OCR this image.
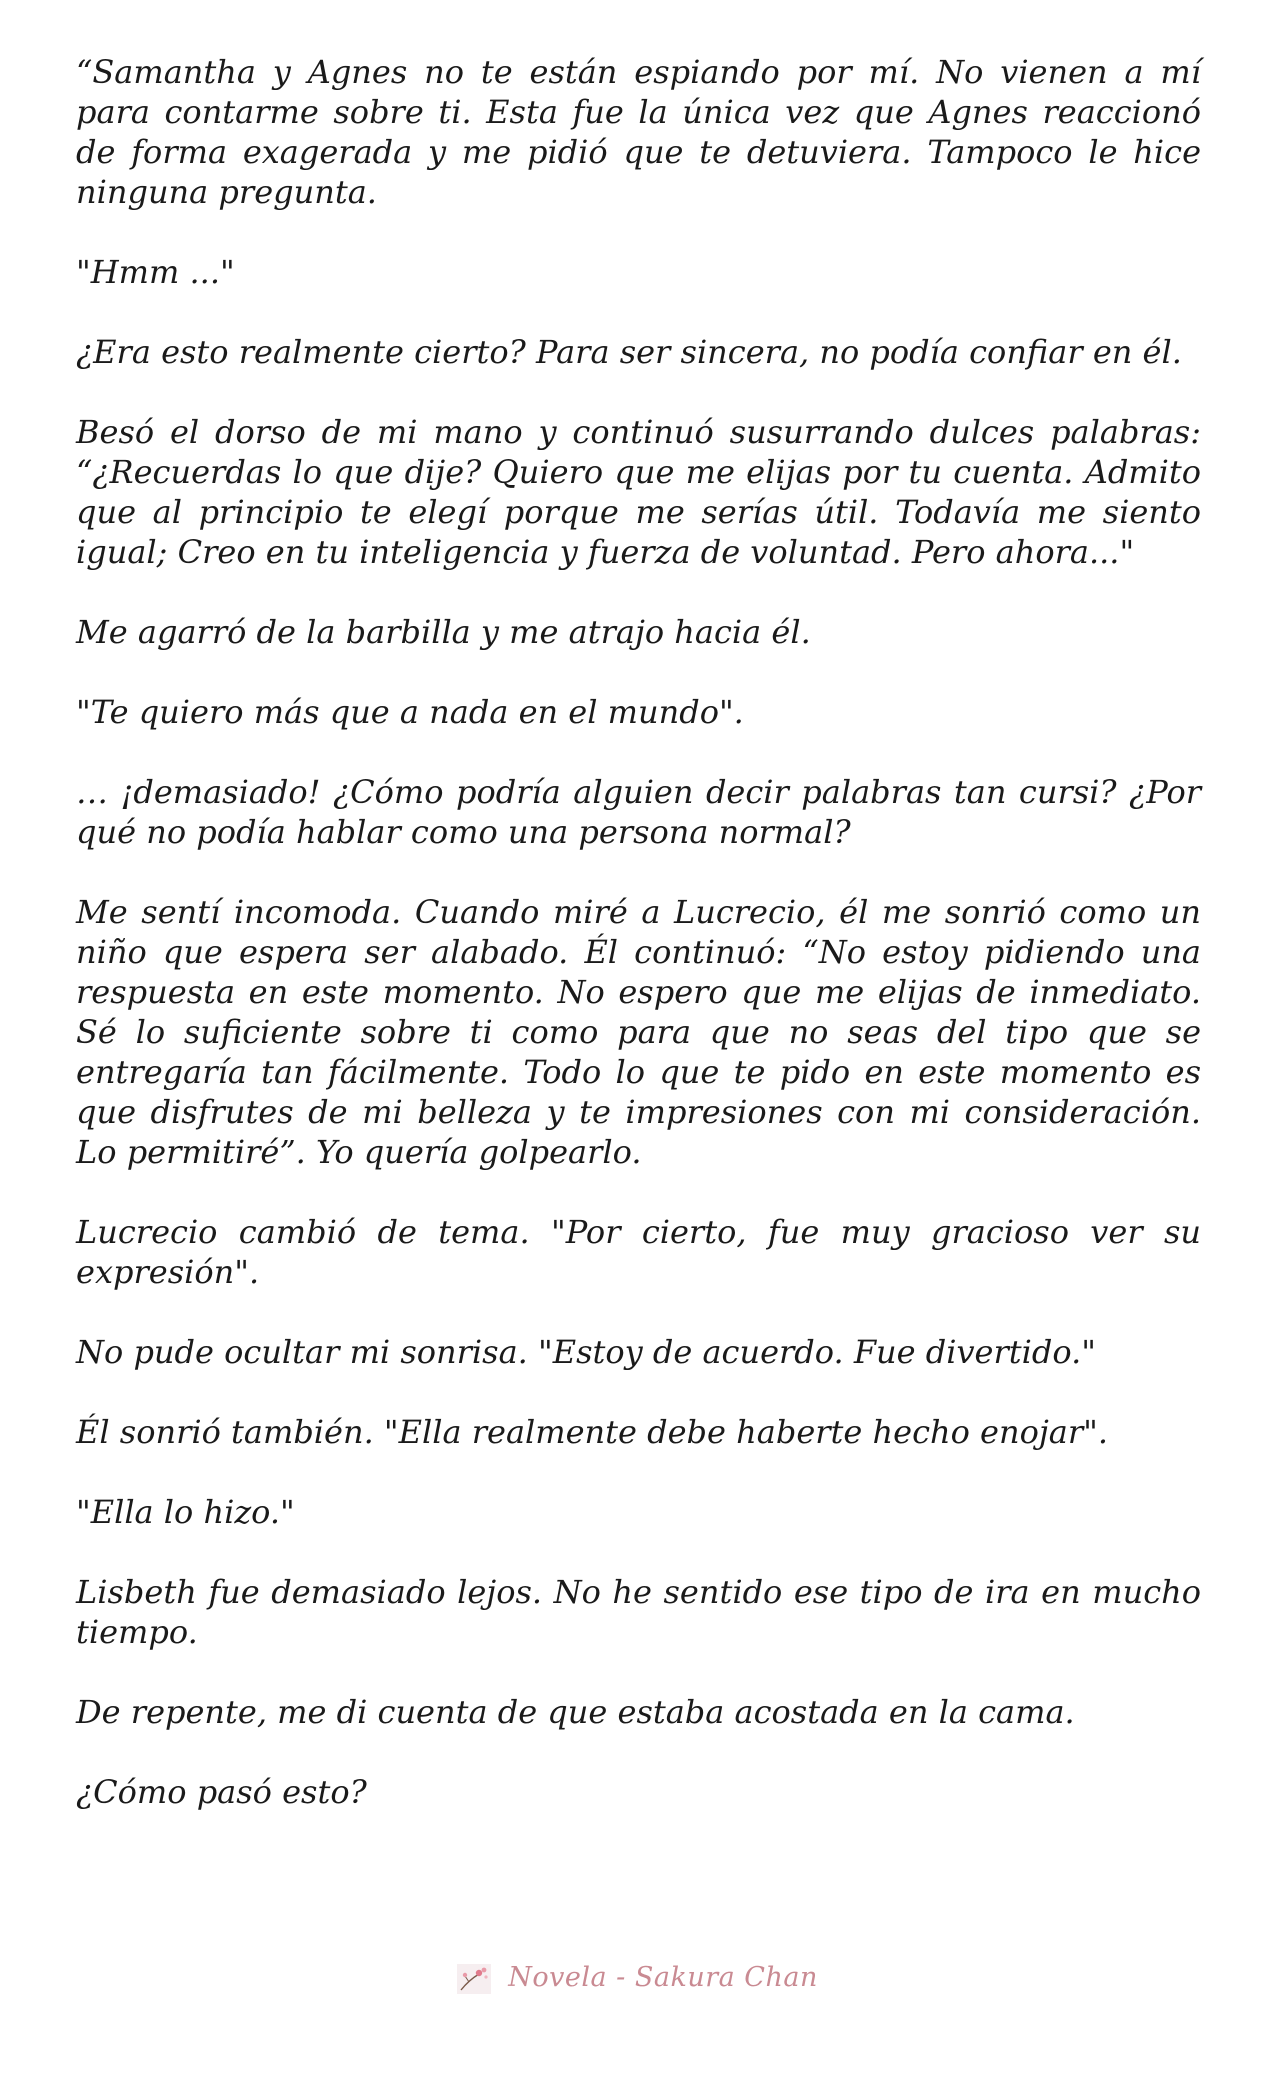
“Samantha y Agnes no te están espiando por mí. No vienen a mí para contarme sobre ti. Esta fue la única vez que Agnes reaccionó de forma exagerada y me pidió que te detuviera. Tampoco le hice ninguna pregunta.

"Hmm ..."

¿Era esto realmente cierto? Para ser sincera, no podía confiar en él.

Besó el dorso de mi mano y continuó susurrando dulces palabras: “¿Recuerdas lo que dije? Quiero que me elijas por tu cuenta. Admito que al principio te elegí porque me serías útil. Todavía me siento igual; Creo en tu inteligencia y fuerza de voluntad. Pero ahora..."

Me agarró de la barbilla y me atrajo hacia él.

"Te quiero más que a nada en el mundo".

… ¡demasiado! ¿Cómo podría alguien decir palabras tan cursi? ¿Por qué no podía hablar como una persona normal?

Me sentí incomoda. Cuando miré a Lucrecio, él me sonrió como un niño que espera ser alabado. Él continuó: “No estoy pidiendo una respuesta en este momento. No espero que me elijas de inmediato. Sé lo suficiente sobre ti como para que no seas del tipo que se entregaría tan fácilmente. Todo lo que te pido en este momento es que disfrutes de mi belleza y te impresiones con mi consideración. Lo permitiré”. Yo quería golpearlo.

Lucrecio cambió de tema. "Por cierto, fue muy gracioso ver su expresión".

No pude ocultar mi sonrisa. "Estoy de acuerdo. Fue divertido."

Él sonrió también. "Ella realmente debe haberte hecho enojar".

"Ella lo hizo."

Lisbeth fue demasiado lejos. No he sentido ese tipo de ira en mucho tiempo.

De repente, me di cuenta de que estaba acostada en la cama.

¿Cómo pasó esto?

Novela - Sakura Chan
